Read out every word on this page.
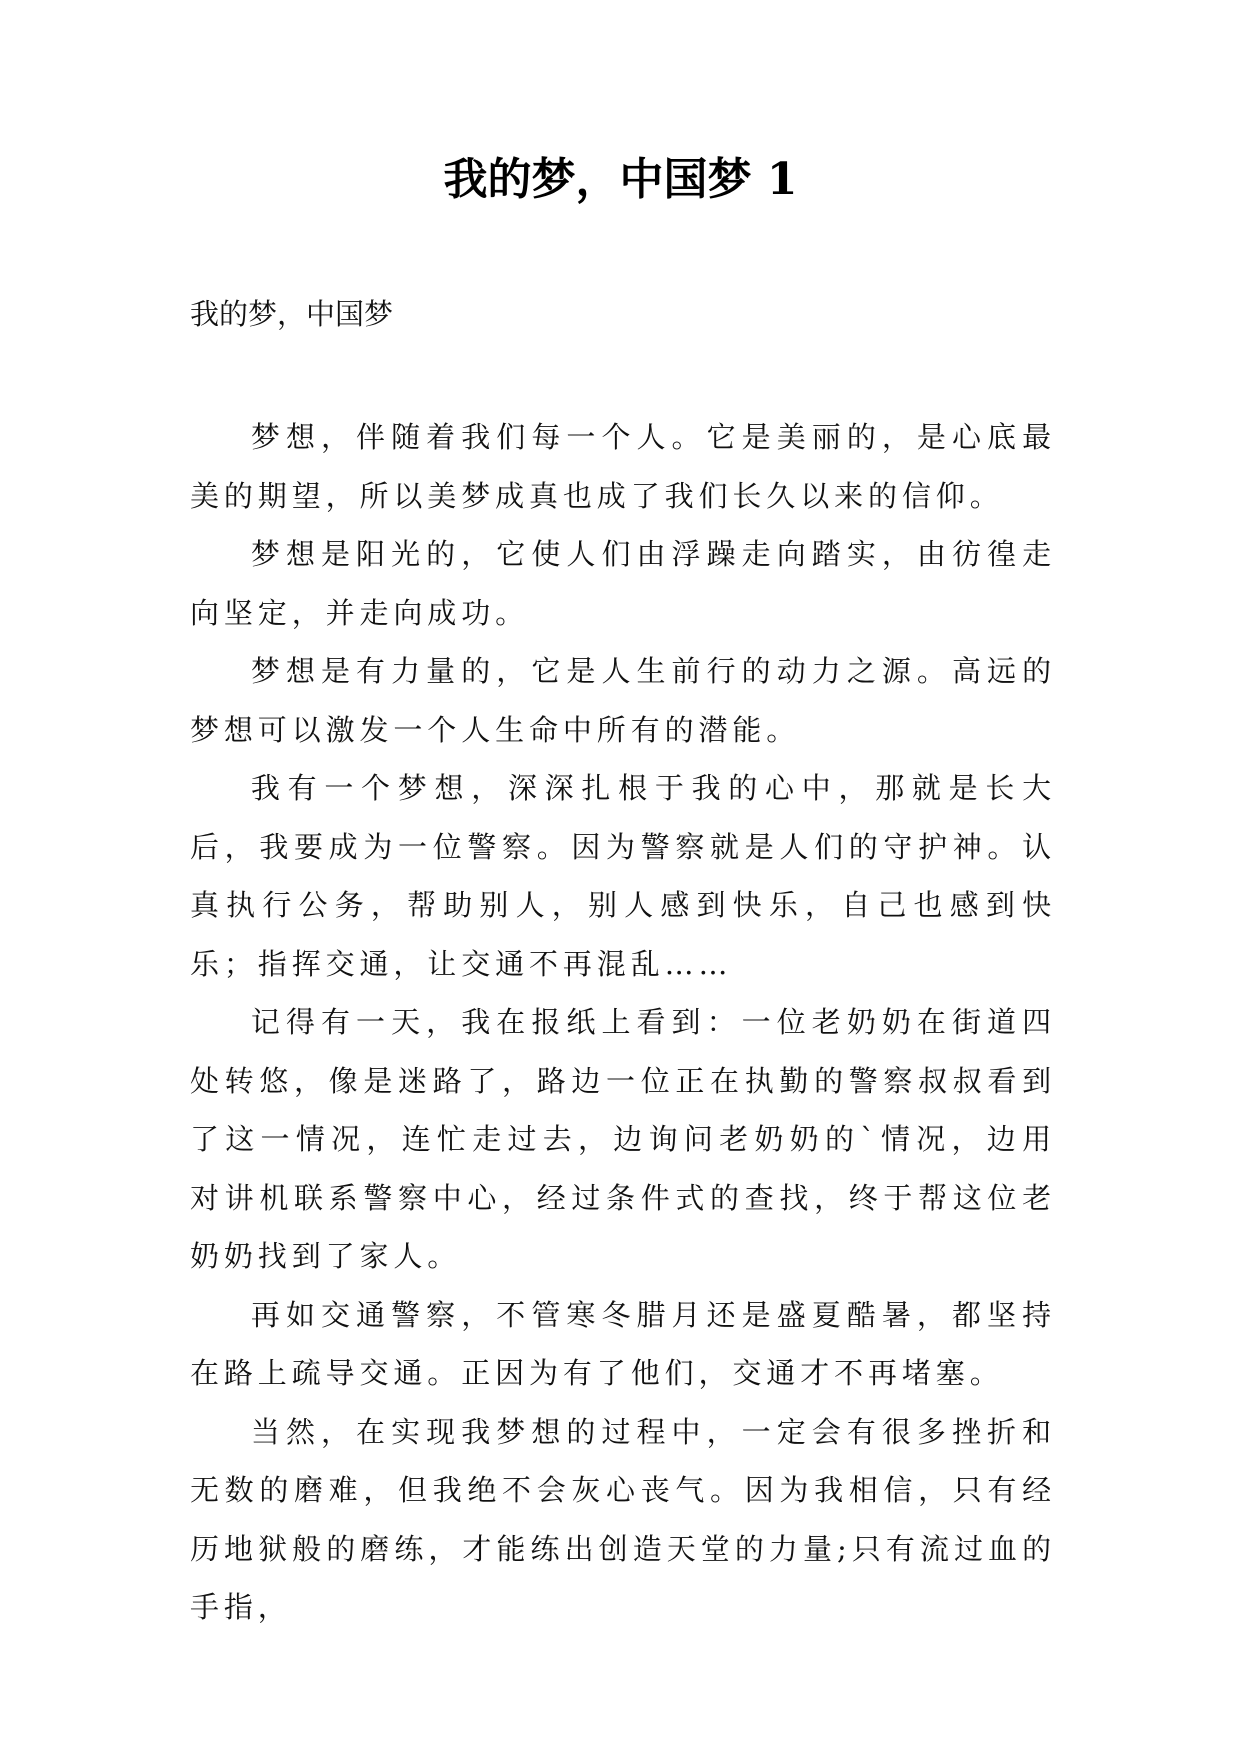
我的梦，中国梦 1
我的梦，中国梦

梦想，伴随着我们每一个人。它是美丽的，是心底最美的期望，所以美梦成真也成了我们长久以来的信仰。

梦想是阳光的，它使人们由浮躁走向踏实，由彷徨走向坚定，并走向成功。

梦想是有力量的，它是人生前行的动力之源。高远的梦想可以激发一个人生命中所有的潜能。

我有一个梦想，深深扎根于我的心中，那就是长大后，我要成为一位警察。因为警察就是人们的守护神。认真执行公务，帮助别人，别人感到快乐，自己也感到快乐；指挥交通，让交通不再混乱……

记得有一天，我在报纸上看到：一位老奶奶在街道四处转悠，像是迷路了，路边一位正在执勤的警察叔叔看到了这一情况，连忙走过去，边询问老奶奶的`情况，边用对讲机联系警察中心，经过条件式的查找，终于帮这位老奶奶找到了家人。

再如交通警察，不管寒冬腊月还是盛夏酷暑，都坚持在路上疏导交通。正因为有了他们，交通才不再堵塞。

当然，在实现我梦想的过程中，一定会有很多挫折和无数的磨难，但我绝不会灰心丧气。因为我相信，只有经历地狱般的磨练，才能练出创造天堂的力量;只有流过血的手指，
